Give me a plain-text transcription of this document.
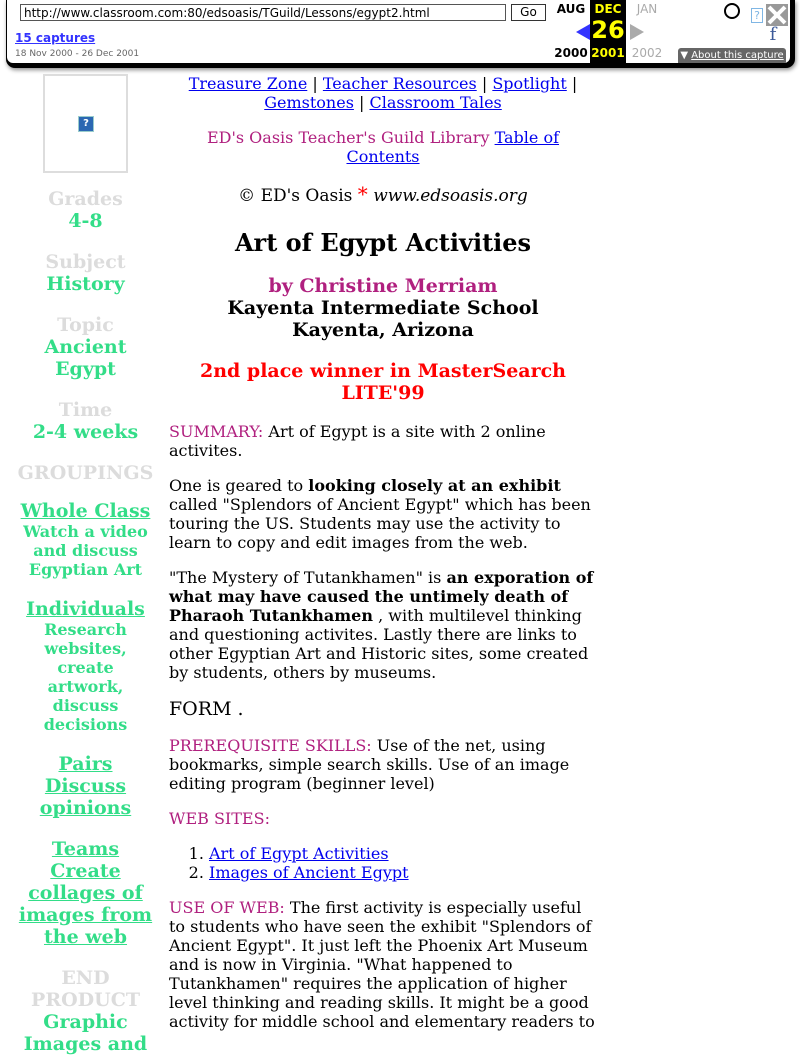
http://www.classroom.com:80/edsoasis/TGuild/Lessons/egypt2.html
Go
15 captures
18 Nov 2000 - 26 Dec 2001
AUG
2000
DEC
26
2001
JAN
2002
?
f
▼ About this capture
?
Grades
4-8
Subject
History
Topic
Ancient Egypt
Time
2-4 weeks
GROUPINGS
Whole Class
Watch a video and discuss Egyptian Art
Individuals
Research websites, create artwork, discuss decisions
Pairs
Discuss opinions
Teams
Create collages of images from the web
END PRODUCT
Graphic Images and
Treasure Zone | Teacher Resources | Spotlight |
Gemstones | Classroom Tales
ED's Oasis Teacher's Guild Library Table of Contents
© ED's Oasis * www.edsoasis.org
Art of Egypt Activities
by Christine Merriam
Kayenta Intermediate School
Kayenta, Arizona
2nd place winner in MasterSearch LITE'99

SUMMARY: Art of Egypt is a site with 2 online activites.

One is geared to looking closely at an exhibit called "Splendors of Ancient Egypt" which has been touring the US. Students may use the activity to learn to copy and edit images from the web.

"The Mystery of Tutankhamen" is an exporation of what may have caused the untimely death of Pharaoh Tutankhamen , with multilevel thinking and questioning activites. Lastly there are links to other Egyptian Art and Historic sites, some created by students, others by museums.

FORM .

PREREQUISITE SKILLS: Use of the net, using bookmarks, simple search skills. Use of an image editing program (beginner level)

WEB SITES:

1. Art of Egypt Activities
2. Images of Ancient Egypt

USE OF WEB: The first activity is especially useful to students who have seen the exhibit "Splendors of Ancient Egypt". It just left the Phoenix Art Museum and is now in Virginia. "What happened to Tutankhamen" requires the application of higher level thinking and reading skills. It might be a good activity for middle school and elementary readers to
